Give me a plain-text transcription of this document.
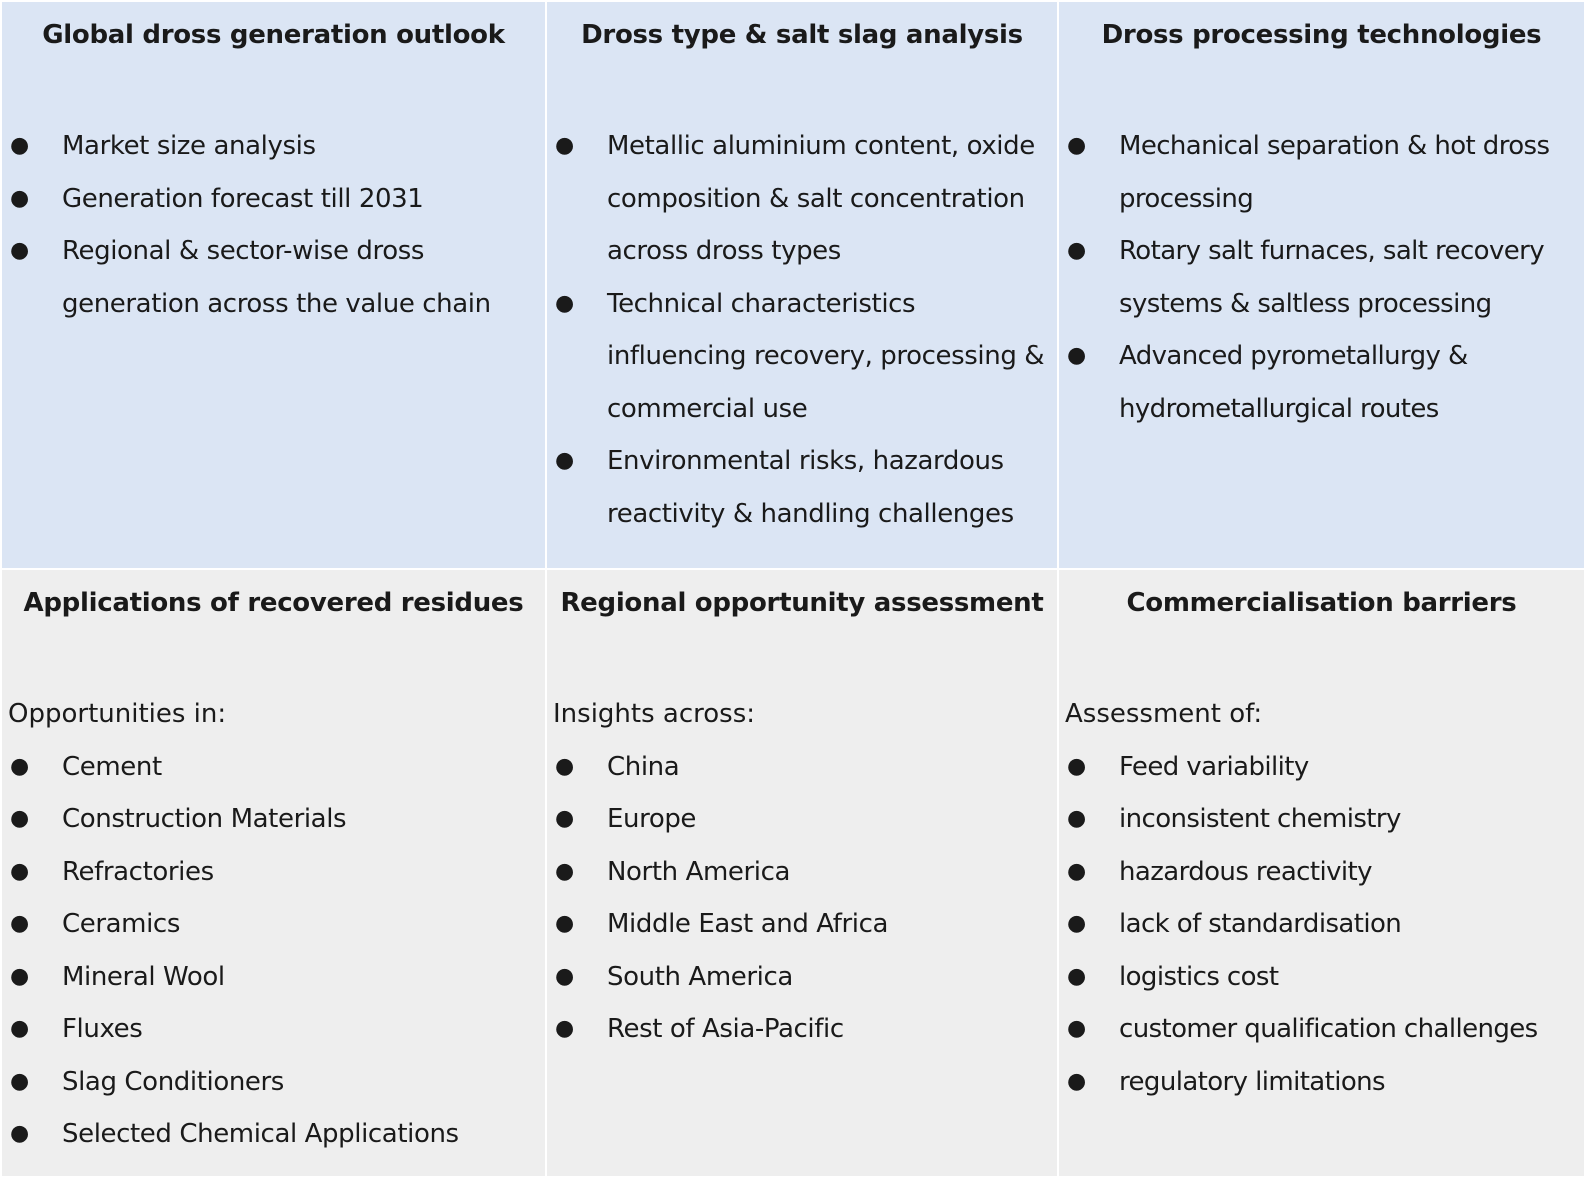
Global dross generation outlook
● Market size analysis
● Generation forecast till 2031
● Regional & sector-wise dross generation across the value chain
Dross type & salt slag analysis
● Metallic aluminium content, oxide composition & salt concentration across dross types
● Technical characteristics influencing recovery, processing & commercial use
● Environmental risks, hazardous reactivity & handling challenges
Dross processing technologies
● Mechanical separation & hot dross processing
● Rotary salt furnaces, salt recovery systems & saltless processing
● Advanced pyrometallurgy & hydrometallurgical routes
Applications of recovered residues
Opportunities in:
● Cement
● Construction Materials
● Refractories
● Ceramics
● Mineral Wool
● Fluxes
● Slag Conditioners
● Selected Chemical Applications
Regional opportunity assessment
Insights across:
● China
● Europe
● North America
● Middle East and Africa
● South America
● Rest of Asia-Pacific
Commercialisation barriers
Assessment of:
● Feed variability
● inconsistent chemistry
● hazardous reactivity
● lack of standardisation
● logistics cost
● customer qualification challenges
● regulatory limitations
